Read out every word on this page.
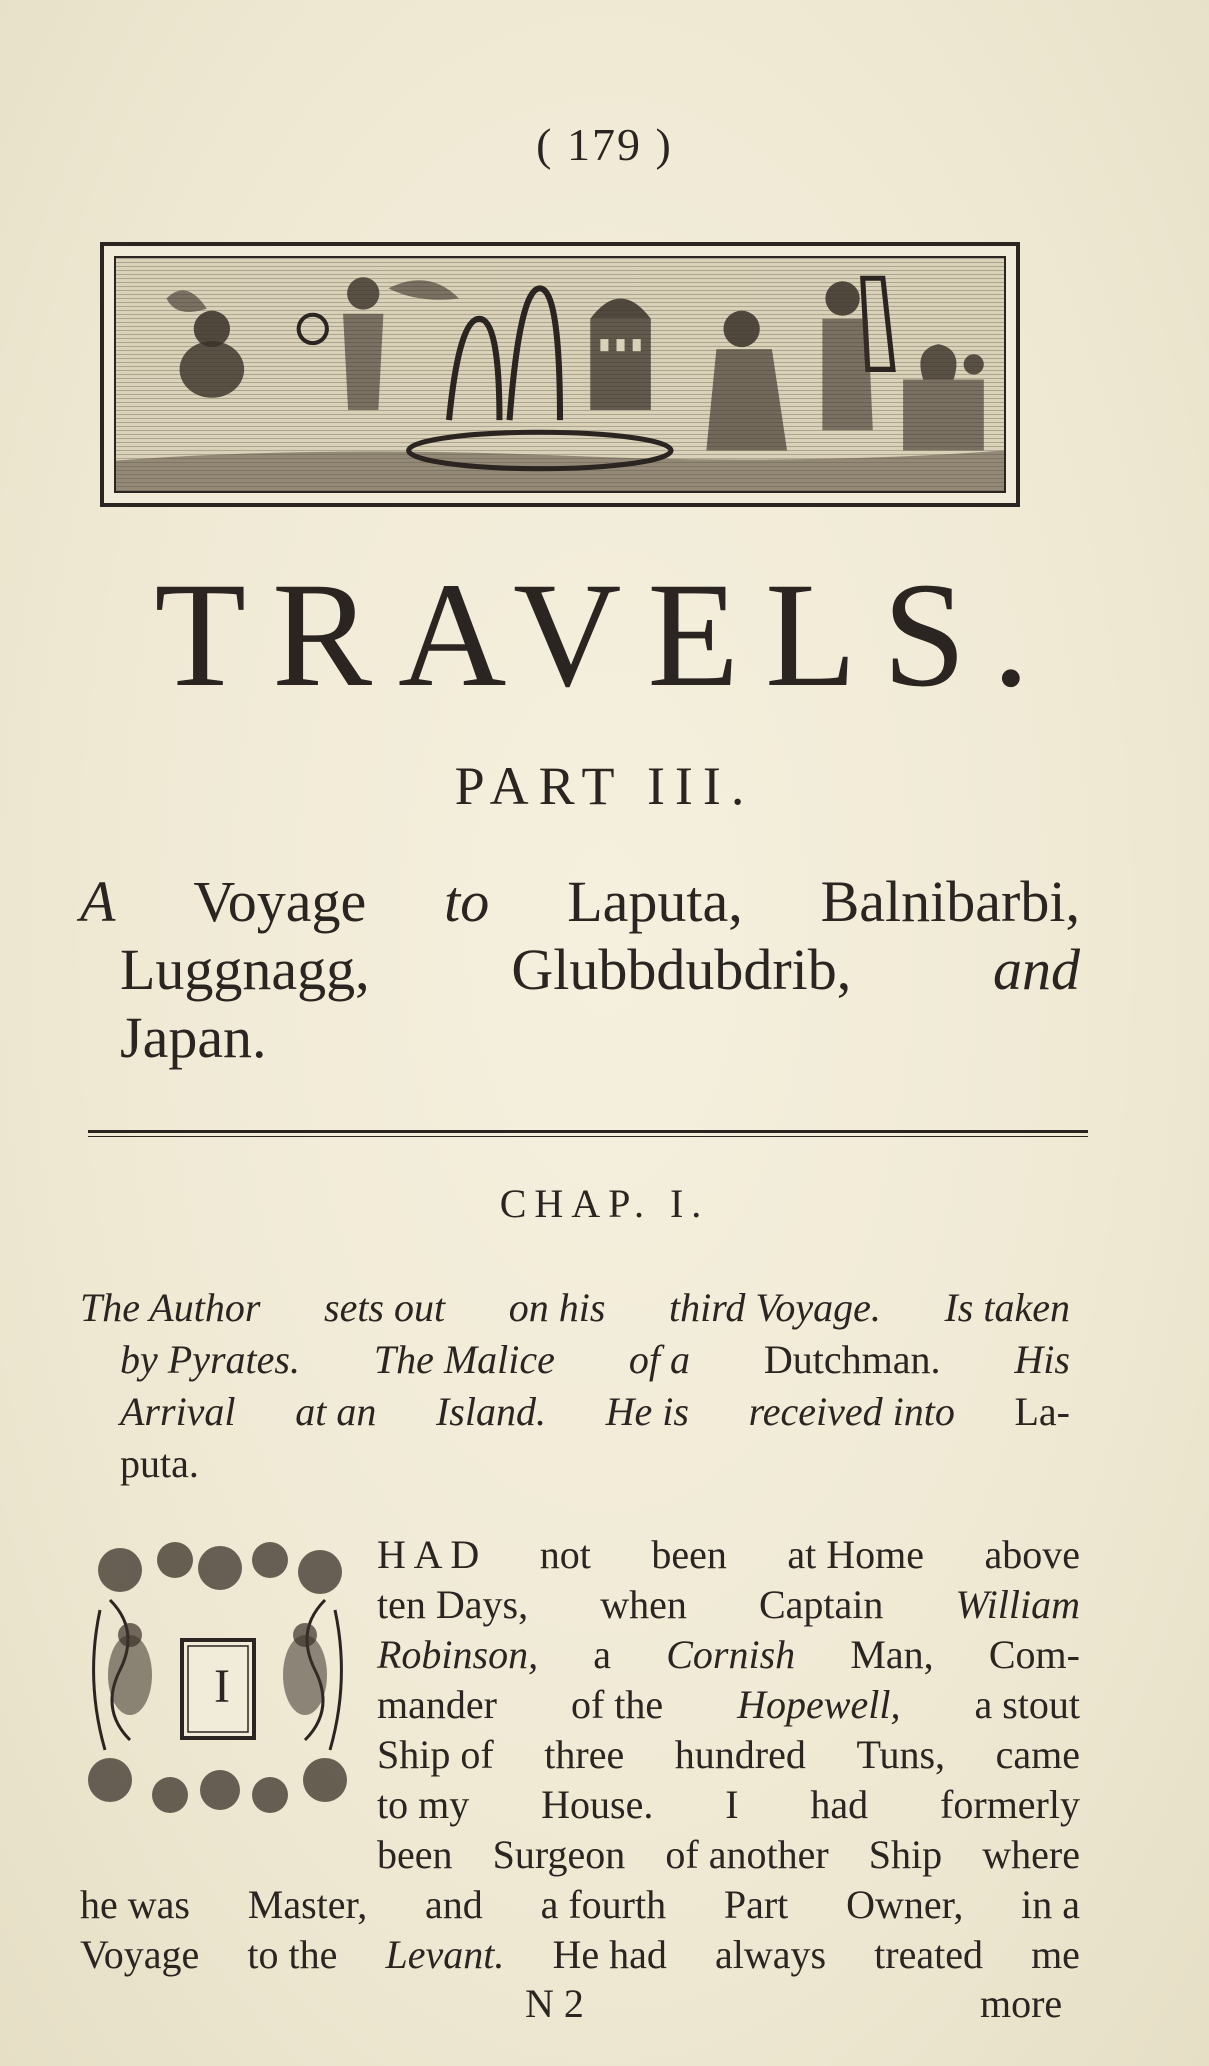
( 179 )
TRAVELS.
PART III.
A Voyage to Laputa, Balnibarbi,
Luggnagg, Glubbdubdrib, and
Japan.
CHAP. I.
The Author sets out on his third Voyage. Is taken
by Pyrates. The Malice of a Dutchman. His
Arrival at an Island. He is received into La-
puta.
I
H A D not been at Home above
ten Days, when Captain William
Robinson, a Cornish Man, Com-
mander of the Hopewell, a stout
Ship of three hundred Tuns, came
to my House. I had formerly
been Surgeon of another Ship where
he was Master, and a fourth Part Owner, in a
Voyage to the Levant. He had always treated me
N 2	more
